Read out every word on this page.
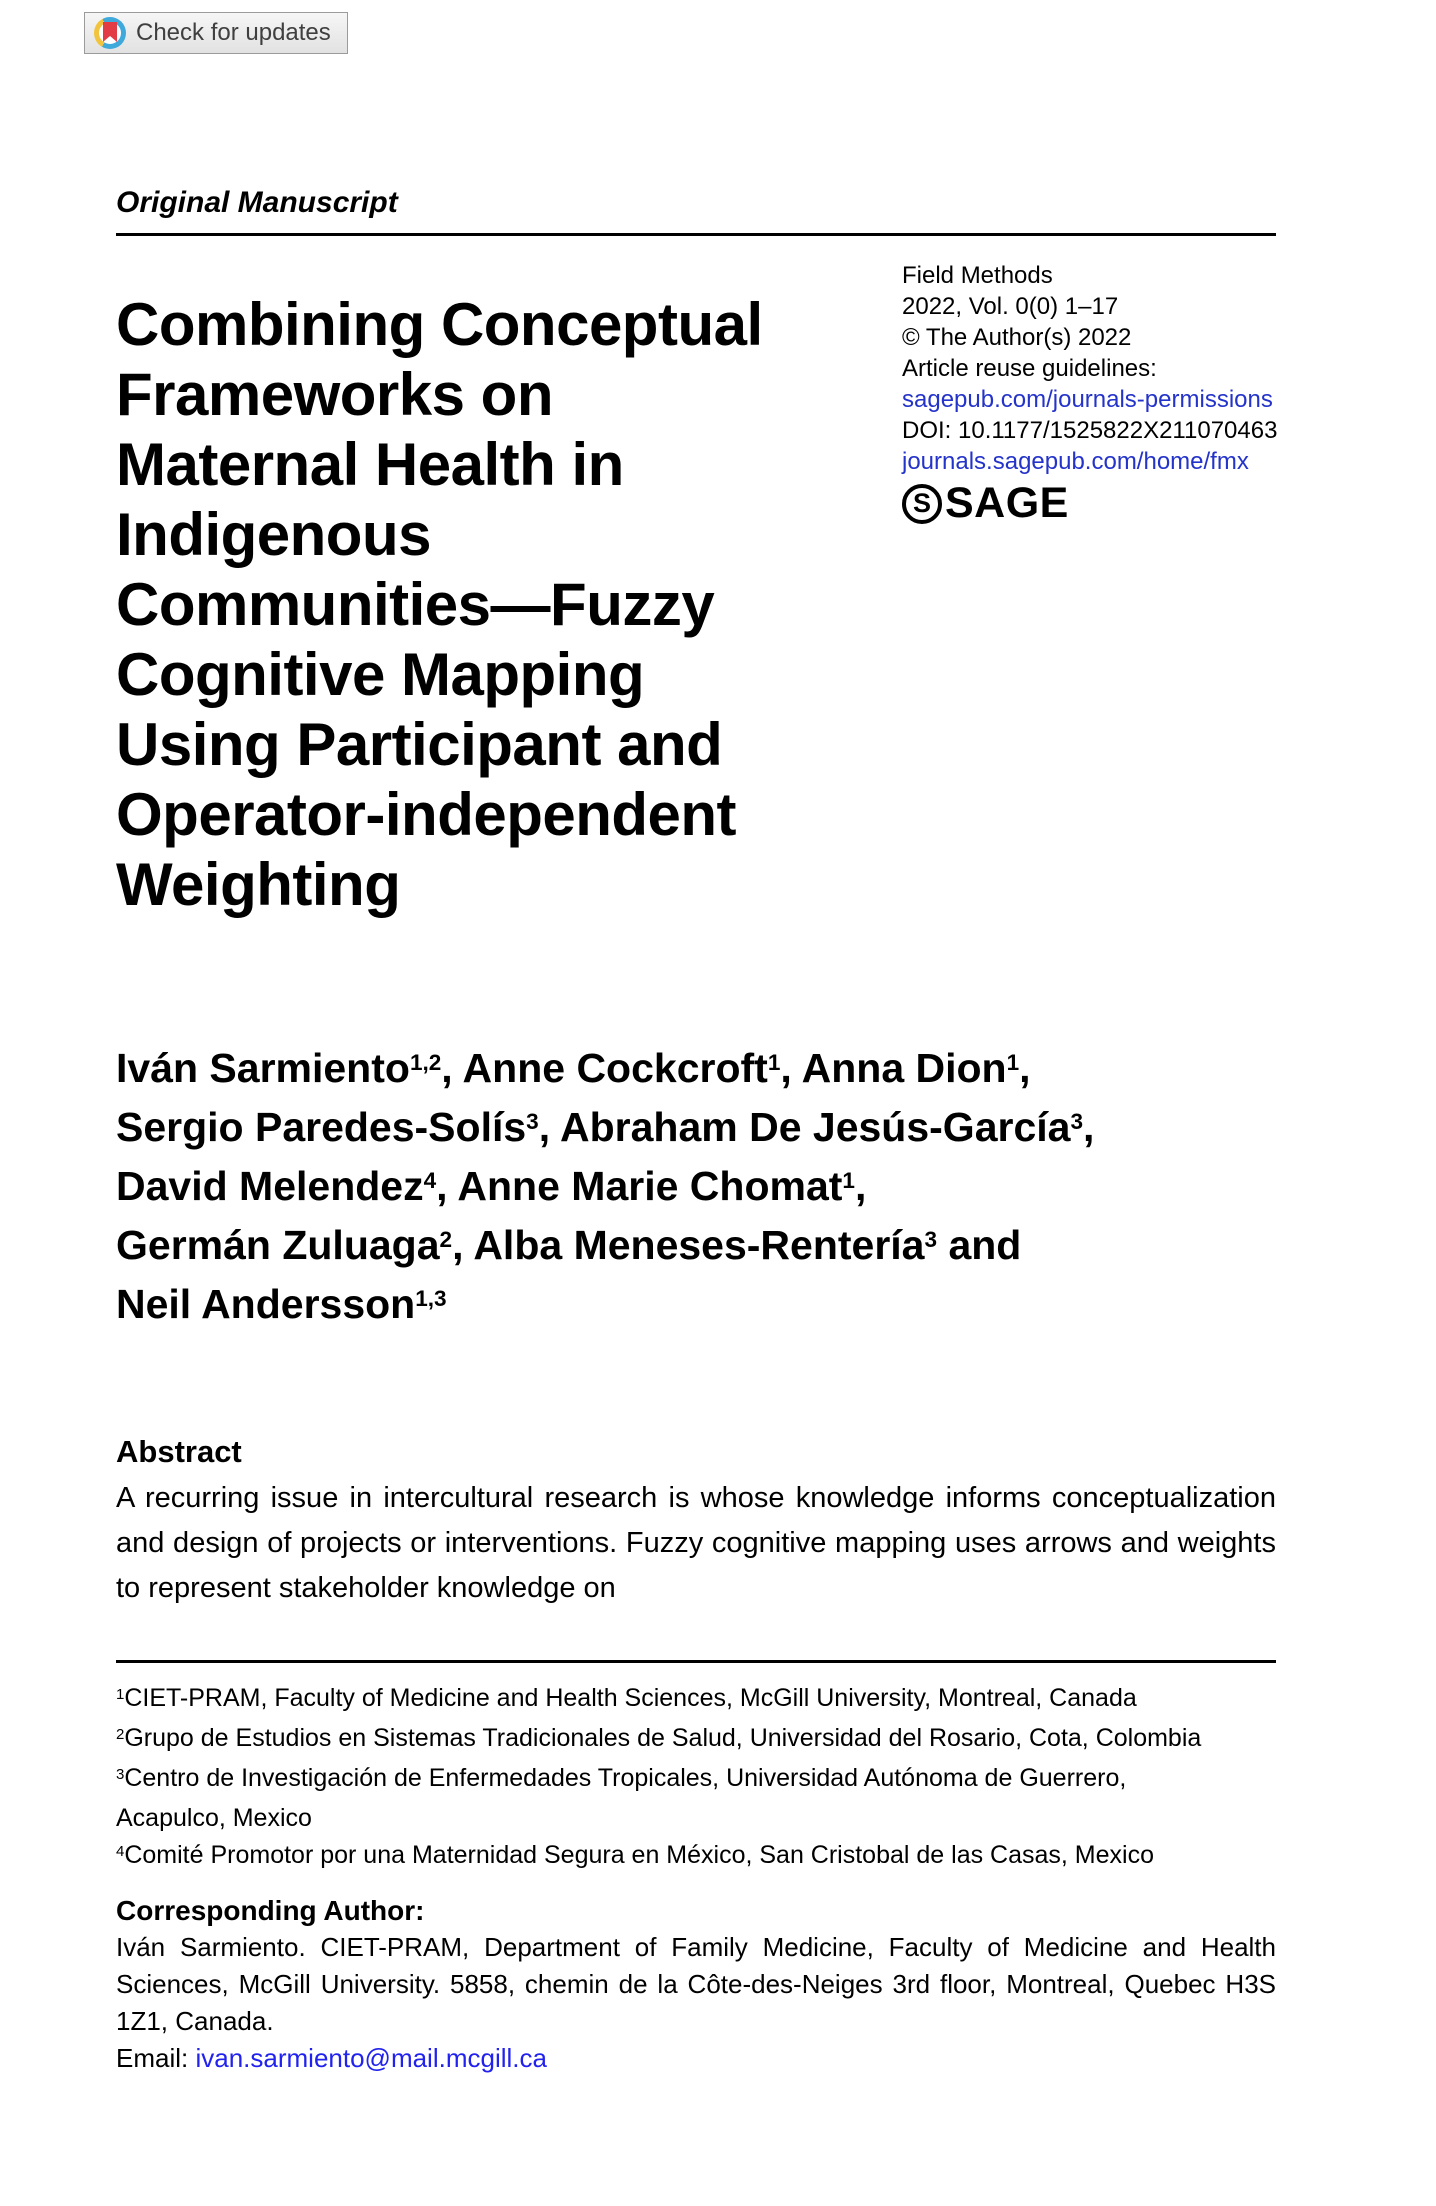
Check for updates
Original Manuscript
Combining Conceptual
Frameworks on
Maternal Health in
Indigenous
Communities—Fuzzy
Cognitive Mapping
Using Participant and
Operator-independent
Weighting
Field Methods
2022, Vol. 0(0) 1–17
© The Author(s) 2022
Article reuse guidelines:
sagepub.com/journals-permissions
DOI: 10.1177/1525822X211070463
journals.sagepub.com/home/fmx
S SAGE
Iván Sarmiento$^{1,2}$, Anne Cockcroft$^1$, Anna Dion$^1$,
Sergio Paredes-Solís$^3$, Abraham De Jesús-García$^3$,
David Melendez$^4$, Anne Marie Chomat$^1$,
Germán Zuluaga$^2$, Alba Meneses-Rentería$^3$ and
Neil Andersson$^{1,3}$
Abstract
A recurring issue in intercultural research is whose knowledge informs conceptualization and design of projects or interventions. Fuzzy cognitive mapping uses arrows and weights to represent stakeholder knowledge on
$^1$CIET-PRAM, Faculty of Medicine and Health Sciences, McGill University, Montreal, Canada
$^2$Grupo de Estudios en Sistemas Tradicionales de Salud, Universidad del Rosario, Cota, Colombia
$^3$Centro de Investigación de Enfermedades Tropicales, Universidad Autónoma de Guerrero,
Acapulco, Mexico
$^4$Comité Promotor por una Maternidad Segura en México, San Cristobal de las Casas, Mexico
Corresponding Author:
Iván Sarmiento. CIET-PRAM, Department of Family Medicine, Faculty of Medicine and Health Sciences, McGill University. 5858, chemin de la Côte-des-Neiges 3rd floor, Montreal, Quebec H3S 1Z1, Canada.
Email: ivan.sarmiento@mail.mcgill.ca
